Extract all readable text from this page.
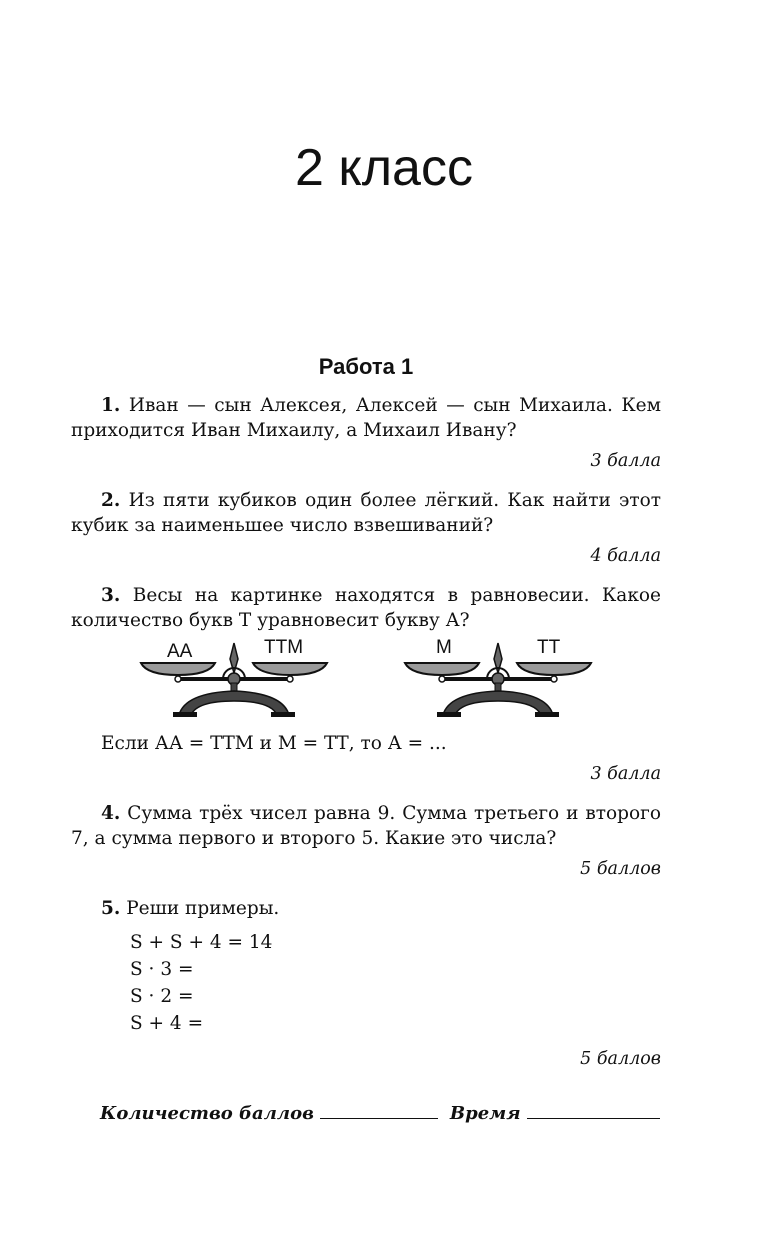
2 класс
Работа 1

1. Иван — сын Алексея, Алексей — сын Михаила. Кем приходится Иван Михаилу, а Михаил Ивану?

3 балла

2. Из пяти кубиков один более лёгкий. Как найти этот кубик за наименьшее число взвешиваний?

4 балла

3. Весы на картинке находятся в равновесии. Какое количество букв Т уравновесит букву А?

АА	ТТМ	М	ТТ

Если АА = ТТМ и М = ТТ, то А = ...

3 балла

4. Сумма трёх чисел равна 9. Сумма третьего и второго 7, а сумма первого и второго 5. Какие это числа?

5 баллов

5. Реши примеры.

S + S + 4 = 14
S · 3 =
S · 2 =
S + 4 =
5 баллов
Количество баллов	Время
